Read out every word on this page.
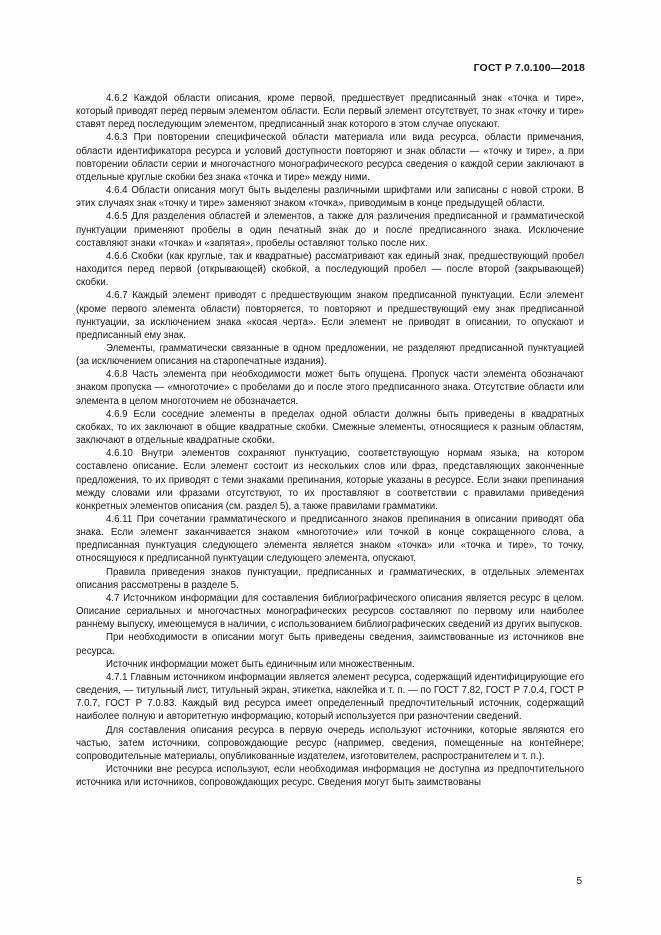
ГОСТ Р 7.0.100—2018

4.6.2 Каждой области описания, кроме первой, предшествует предписанный знак «точка и тире», который приводят перед первым элементом области. Если первый элемент отсутствует, то знак «точку и тире» ставят перед последующим элементом, предписанный знак которого в этом случае опускают.

4.6.3 При повторении специфической области материала или вида ресурса, области примечания, области идентификатора ресурса и условий доступности повторяют и знак области — «точку и тире», а при повторении области серии и многочастного монографического ресурса сведения о каждой серии заключают в отдельные круглые скобки без знака «точка и тире» между ними.

4.6.4 Области описания могут быть выделены различными шрифтами или записаны с новой строки. В этих случаях знак «точку и тире» заменяют знаком «точка», приводимым в конце предыдущей области.

4.6.5 Для разделения областей и элементов, а также для различения предписанной и грамматической пунктуации применяют пробелы в один печатный знак до и после предписанного знака. Исключение составляют знаки «точка» и «запятая», пробелы оставляют только после них.

4.6.6 Скобки (как круглые, так и квадратные) рассматривают как единый знак, предшествующий пробел находится перед первой (открывающей) скобкой, а последующий пробел — после второй (закрывающей) скобки.

4.6.7 Каждый элемент приводят с предшествующим знаком предписанной пунктуации. Если элемент (кроме первого элемента области) повторяется, то повторяют и предшествующий ему знак предписанной пунктуации, за исключением знака «косая черта». Если элемент не приводят в описании, то опускают и предписанный ему знак.

Элементы, грамматически связанные в одном предложении, не разделяют предписанной пунктуацией (за исключением описания на старопечатные издания).

4.6.8 Часть элемента при необходимости может быть опущена. Пропуск части элемента обозначают знаком пропуска — «многоточие» с пробелами до и после этого предписанного знака. Отсутствие области или элемента в целом многоточием не обозначается.

4.6.9 Если соседние элементы в пределах одной области должны быть приведены в квадратных скобках, то их заключают в общие квадратные скобки. Смежные элементы, относящиеся к разным областям, заключают в отдельные квадратные скобки.

4.6.10 Внутри элементов сохраняют пунктуацию, соответствующую нормам языка, на котором составлено описание. Если элемент состоит из нескольких слов или фраз, представляющих законченные предложения, то их приводят с теми знаками препинания, которые указаны в ресурсе. Если знаки препинания между словами или фразами отсутствуют, то их проставляют в соответствии с правилами приведения конкретных элементов описания (см. раздел 5), а также правилами грамматики.

4.6.11 При сочетании грамматического и предписанного знаков препинания в описании приводят оба знака. Если элемент заканчивается знаком «многоточие» или точкой в конце сокращенного слова, а предписанная пунктуация следующего элемента является знаком «точка» или «точка и тире», то точку, относящуюся к предписанной пунктуации следующего элемента, опускают.

Правила приведения знаков пунктуации, предписанных и грамматических, в отдельных элементах описания рассмотрены в разделе 5.

4.7 Источником информации для составления библиографического описания является ресурс в целом. Описание сериальных и многочастных монографических ресурсов составляют по первому или наиболее раннему выпуску, имеющемуся в наличии, с использованием библиографических сведений из других выпусков.

При необходимости в описании могут быть приведены сведения, заимствованные из источников вне ресурса.

Источник информации может быть единичным или множественным.

4.7.1 Главным источником информации является элемент ресурса, содержащий идентифицирующие его сведения, — титульный лист, титульный экран, этикетка, наклейка и т. п. — по ГОСТ 7.82, ГОСТ Р 7.0.4, ГОСТ Р 7.0.7, ГОСТ Р 7.0.83. Каждый вид ресурса имеет определенный предпочтительный источник, содержащий наиболее полную и авторитетную информацию, который используется при разночтении сведений.

Для составления описания ресурса в первую очередь используют источники, которые являются его частью, затем источники, сопровождающие ресурс (например, сведения, помещенные на контейнере; сопроводительные материалы, опубликованные издателем, изготовителем, распространителем и т. п.).

Источники вне ресурса используют, если необходимая информация не доступна из предпочтительного источника или источников, сопровождающих ресурс. Сведения могут быть заимствованы

5
